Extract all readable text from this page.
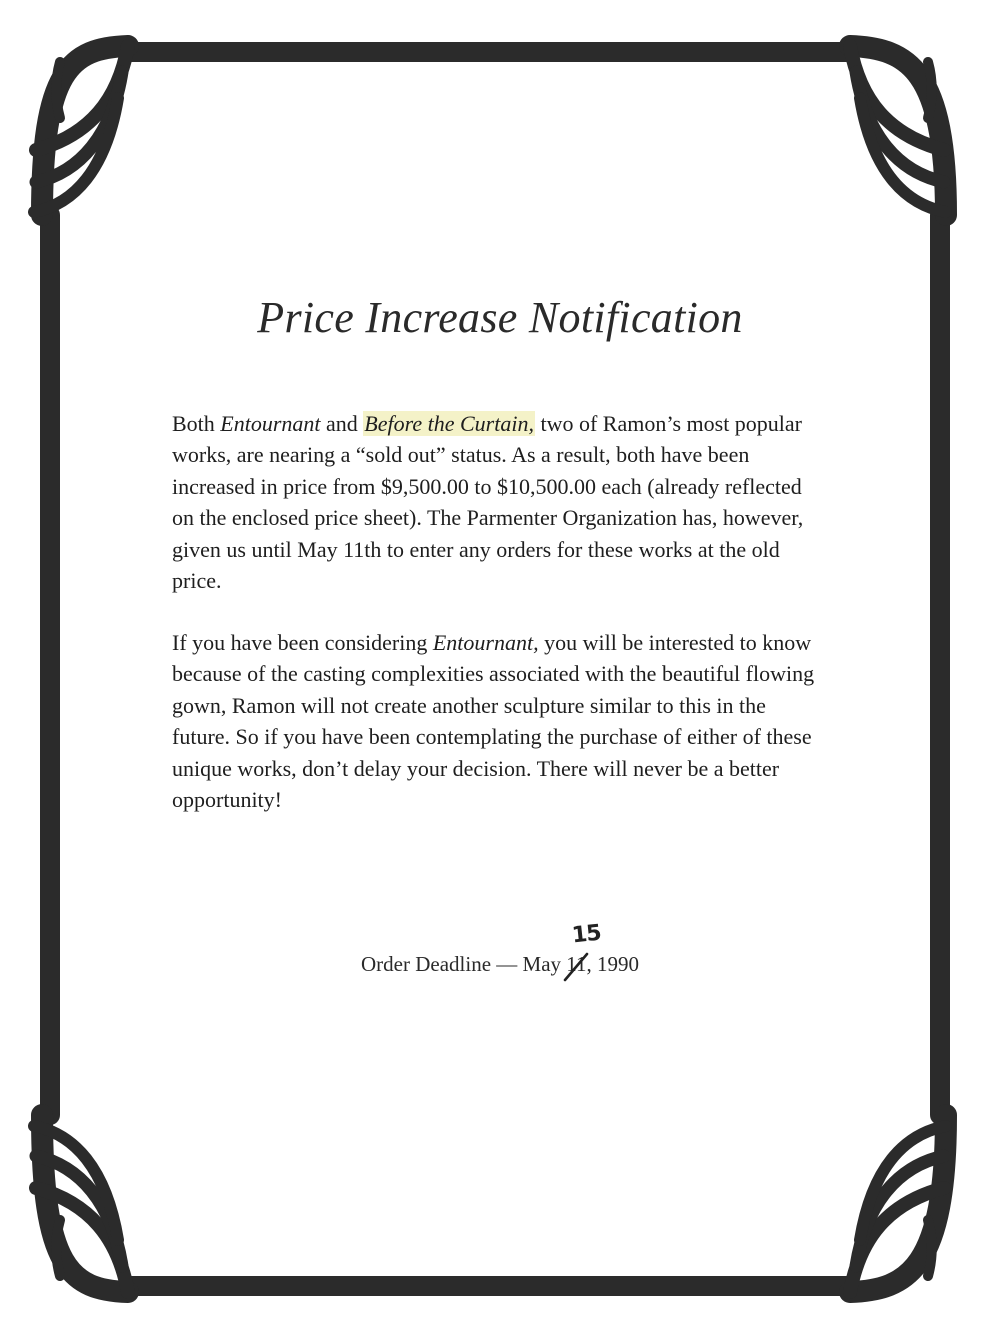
Price Increase Notification

Both Entournant and Before the Curtain, two of Ramon’s most popular works, are nearing a “sold out” status. As a result, both have been increased in price from $9,500.00 to $10,500.00 each (already reflected on the enclosed price sheet). The Parmenter Organization has, however, given us until May 11th to enter any orders for these works at the old price.

If you have been considering Entournant, you will be interested to know because of the casting complexities associated with the beautiful flowing gown, Ramon will not create another sculpture similar to this in the future. So if you have been contemplating the purchase of either of these unique works, don’t delay your decision. There will never be a better opportunity!

Order Deadline — May 11
15
, 1990
